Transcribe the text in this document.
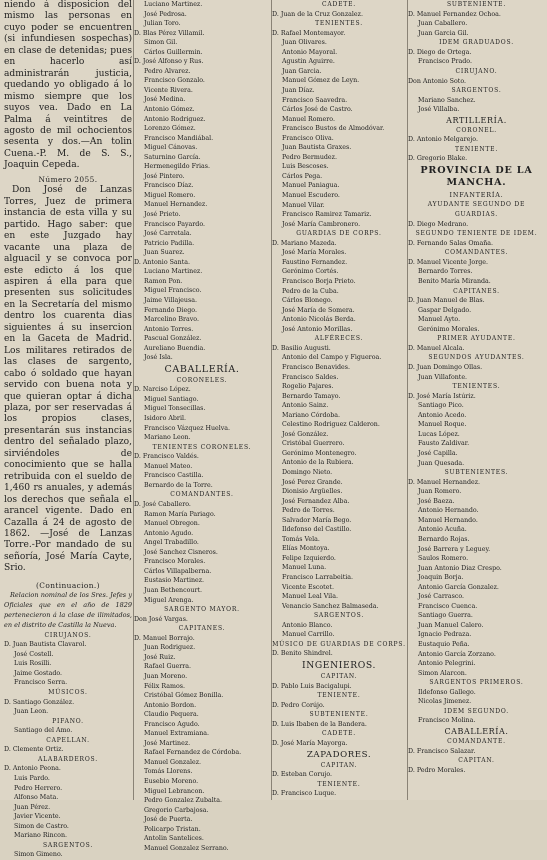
niendo á disposicion del mismo las personas en cuyo poder se encuentren (si infundiesen sospechas) en clase de detenidas; pues en hacerlo así administrarán justicia, quedando yo obligado á lo mismo siempre que los suyos vea. Dado en La Palma á veintitres de agosto de mil ochocientos sesenta y dos.—An tolin Cuena.-P. M. de S. S., Joaquin Cepeda.

Número 2055.

Don José de Lanzas Torres, Juez de primera instancia de esta villa y su partido. Hago saber: que en este Juzgado hay vacante una plaza de alguacil y se convoca por este edicto á los que aspiren á ella para que presenten sus solicitudes en la Secretaría del mismo dentro los cuarenta dias siguientes á su insercion en la Gaceta de Madrid. Los militares retirados de las clases de sargento, cabo ó soldado que hayan servido con buena nota y que quieran optar á dicha plaza, por ser reservadas á los propios clases, presentarán sus instancias dentro del señalado plazo, sirviéndoles de conocimiento que se halla retribuida con el sueldo de 1,460 rs anuales, y además los derechos que señala el arancel vigente. Dado en Cazalla á 24 de agosto de 1862. —José de Lanzas Torre.-Por mandado de su señoría, José María Cayte, Srio.

(Continuacion.)

Relacion nominal de los Sres. Jefes y Oficiales que en el año de 1829 pertenecieron á la clase de ilimitados, en el distrito de Castilla la Nueva.

CIRUJANOS.

D. Juan Bautista Clavarol.

José Costell.

Luis Rosilli.

Jaime Gostado.

Francisco Serra.

MÚSICOS.

D. Santiago González.

Juan Leon.

PIFANO.

Santiago del Amo.

CAPELLAN.

D. Clemente Ortiz.

ALABARDEROS.

D. Antonio Peona.

Luis Pardo.

Pedro Herrero.

Alfonso Mata.

Juan Pérez.

Javier Vicente.

Simon de Castro.

Mariano Rincon.

SARGENTOS.

Simon Gimeno.

Luciano Martinez.

José Pedrosa.

Julian Toro.

D. Blas Pérez Villamil.

Simon Gil.

Cárlos Guillermin.

D. José Alfonso y Rus.

Pedro Alvarez.

Francisco Gonzalo.

Vicente Rivera.

José Medina.

Antonio Gómez.

Antonio Rodriguez.

Lorenzo Gómez.

Francisco Mandiábal.

Miguel Cánovas.

Saturnino García.

Hermenegildo Frias.

José Pintero.

Francisco Díaz.

Miguel Romero.

Manuel Hernandez.

José Prieto.

Francisco Payardo.

José Carretala.

Patricio Padilla.

Juan Suarez.

D. Antonio Santa.

Luciano Martinez.

Ramon Pon.

Miguel Francisco.

Jaime Villajeusa.

Fernando Diego.

Marcelino Bravo.

Antonio Torres.

Pascual González.

Aureliano Buendia.

José Isla.

CABALLERÍA.

CORONELES.

D. Narciso López.

Miguel Santiago.

Miguel Tonsecillas.

Isidoro Abril.

Francisco Vázquez Huelva.

Mariano Leon.

TENIENTES CORONELES.

D. Francisco Valdés.

Manuel Mateo.

Francisco Castilla.

Bernardo de la Torre.

COMANDANTES.

D. José Caballero.

Ramon María Pariago.

Manuel Obregon.

Antonio Agudo.

Angel Trabadillo.

José Sanchez Cisneros.

Francisco Morales.

Cárlos Villapalberna.

Eustasio Martinez.

Juan Bethencourt.

Miguel Arenga.

SARGENTO MAYOR.

Don José Vargas.

CAPITANES.

D. Manuel Borrajo.

Juan Rodriguez.

José Ruiz.

Rafael Guerra.

Juan Moreno.

Félix Ramos.

Cristóbal Gómez Bonilla.

Antonio Bordon.

Claudio Pequera.

Francisco Agudo.

Manuel Extramiana.

José Martinez.

Rafael Fernandez de Córdoba.

Manuel Gonzalez.

Tomás Llorens.

Eusebio Moreno.

Miguel Lebrancon.

Pedro Gonzalez Zubalta.

Gregorio Carbajosa.

José de Puerta.

Policarpo Tristan.

Antolin Santelices.

Manuel Gonzalez Serrano.

CADETE.

D. Juan de la Cruz Gonzalez.

TENIENTES.

D. Rafael Montemayor.

Juan Olivares.

Antonio Mayoral.

Agustin Aguirre.

Juan Garcia.

Manuel Gómez de Leyn.

Juan Díaz.

Francisco Saavedra.

Cárlos José de Castro.

Manuel Romero.

Francisco Bustos de Almodóvar.

Francisco Oliva.

Juan Bautista Graxes.

Pedro Bermudez.

Luis Bescoses.

Cárlos Pega.

Manuel Paniagua.

Manuel Escudero.

Manuel Vilar.

Francisco Ramirez Tamariz.

José María Cambronero.

GUARDIAS DE CORPS.

D. Mariano Mazeda.

José María Morales.

Faustino Fernandez.

Gerónimo Cortés.

Francisco Borja Prieto.

Pedro de la Cuba.

Cárlos Blonego.

José María de Somera.

Antonio Nicolás Berda.

José Antonio Morillas.

ALFÉRECES.

D. Basilio Augusti.

Antonio del Campo y Figueroa.

Francisco Benavides.

Francisco Saldes.

Rogelio Pajares.

Bernardo Tamayo.

Antonio Sainz.

Mariano Córdoba.

Celestino Rodriguez Calderon.

José González.

Cristóbal Guerrero.

Gerónimo Montenegro.

Antonio de la Rubiera.

Domingo Nieto.

José Perez Grande.

Dionisio Argüelles.

José Fernandez Alba.

Pedro de Torres.

Salvador María Bego.

Ildefonso del Castillo.

Tomás Vela.

Elías Montoya.

Felipe Izquierdo.

Manuel Luna.

Francisco Larrabeitia.

Vicente Escotet.

Manuel Leal Vila.

Venancio Sanchez Balmaseda.

SARGENTOS.

Antonio Blanco.

Manuel Carrillo.

MÚSICO DE GUARDIAS DE CORPS.

D. Benito Shindrel.

INGENIEROS.

CAPITAN.

D. Pablo Luis Bacigalupi.

TENIENTE.

D. Pedro Corújo.

SUBTENIENTE.

D. Luis Ibaben de la Bandera.

CADETE.

D. José María Mayorga.

ZAPADORES.

CAPITAN.

D. Esteban Corujo.

TENIENTE.

D. Francisco Luque.

SUBTENIENTE.

D. Manuel Fernandez Ochoa.

Juan Caballero.

Juan Garcia Gil.

IDEM GRADUADOS.

D. Diego de Ortega.

Francisco Prado.

CIRUJANO.

Don Antonio Soto.

SARGENTOS.

Mariano Sanchez.

José Villalba.

ARTILLERÍA.

CORONEL.

D. Antonio Melgarejo.

TENIENTE.

D. Gregorio Blake.

PROVINCIA DE LA MANCHA.

INFANTERÍA.

AYUDANTE SEGUNDO DE GUARDIAS.

D. Diego Medrano.

SEGUNDO TENIENTE DE IDEM.

D. Fernando Salas Omaña.

COMANDANTES.

D. Manuel Vicente Jorge.

Bernardo Torres.

Benito María Miranda.

CAPITANES.

D. Juan Manuel de Blas.

Gaspar Delgado.

Manuel Ayto.

Gerónimo Morales.

PRIMER AYUDANTE.

D. Manuel Alcala.

SEGUNDOS AYUDANTES.

D. Juan Domingo Ollas.

Juan Villafonte.

TENIENTES.

D. José María Istúriz.

Santiago Pico.

Antonio Acedo.

Manuel Roque.

Lucas López.

Fausto Zaldivar.

José Capilla.

Juan Quesada.

SUBTENIENTES.

D. Manuel Hernandez.

Juan Romero.

José Baeza.

Antonio Hernando.

Manuel Hernando.

Antonio Acuña.

Bernardo Rojas.

José Barrera y Leguey.

Saulos Romero.

Juan Antonio Diaz Crespo.

Joaquin Borja.

Antonio García Gonzalez.

José Carrasco.

Francisco Cuenca.

Santiago Guerra.

Juan Manuel Calero.

Ignacio Pedraza.

Eustaquio Peña.

Antonio García Zorzano.

Antonio Pelegrini.

Simon Alarcon.

SARGENTOS PRIMEROS.

Ildefonso Gallego.

Nicolas Jimenez.

IDEM SEGUNDO.

Francisco Molina.

CABALLERÍA.

COMANDANTE.

D. Francisco Salazar.

CAPITAN.

D. Pedro Morales.
